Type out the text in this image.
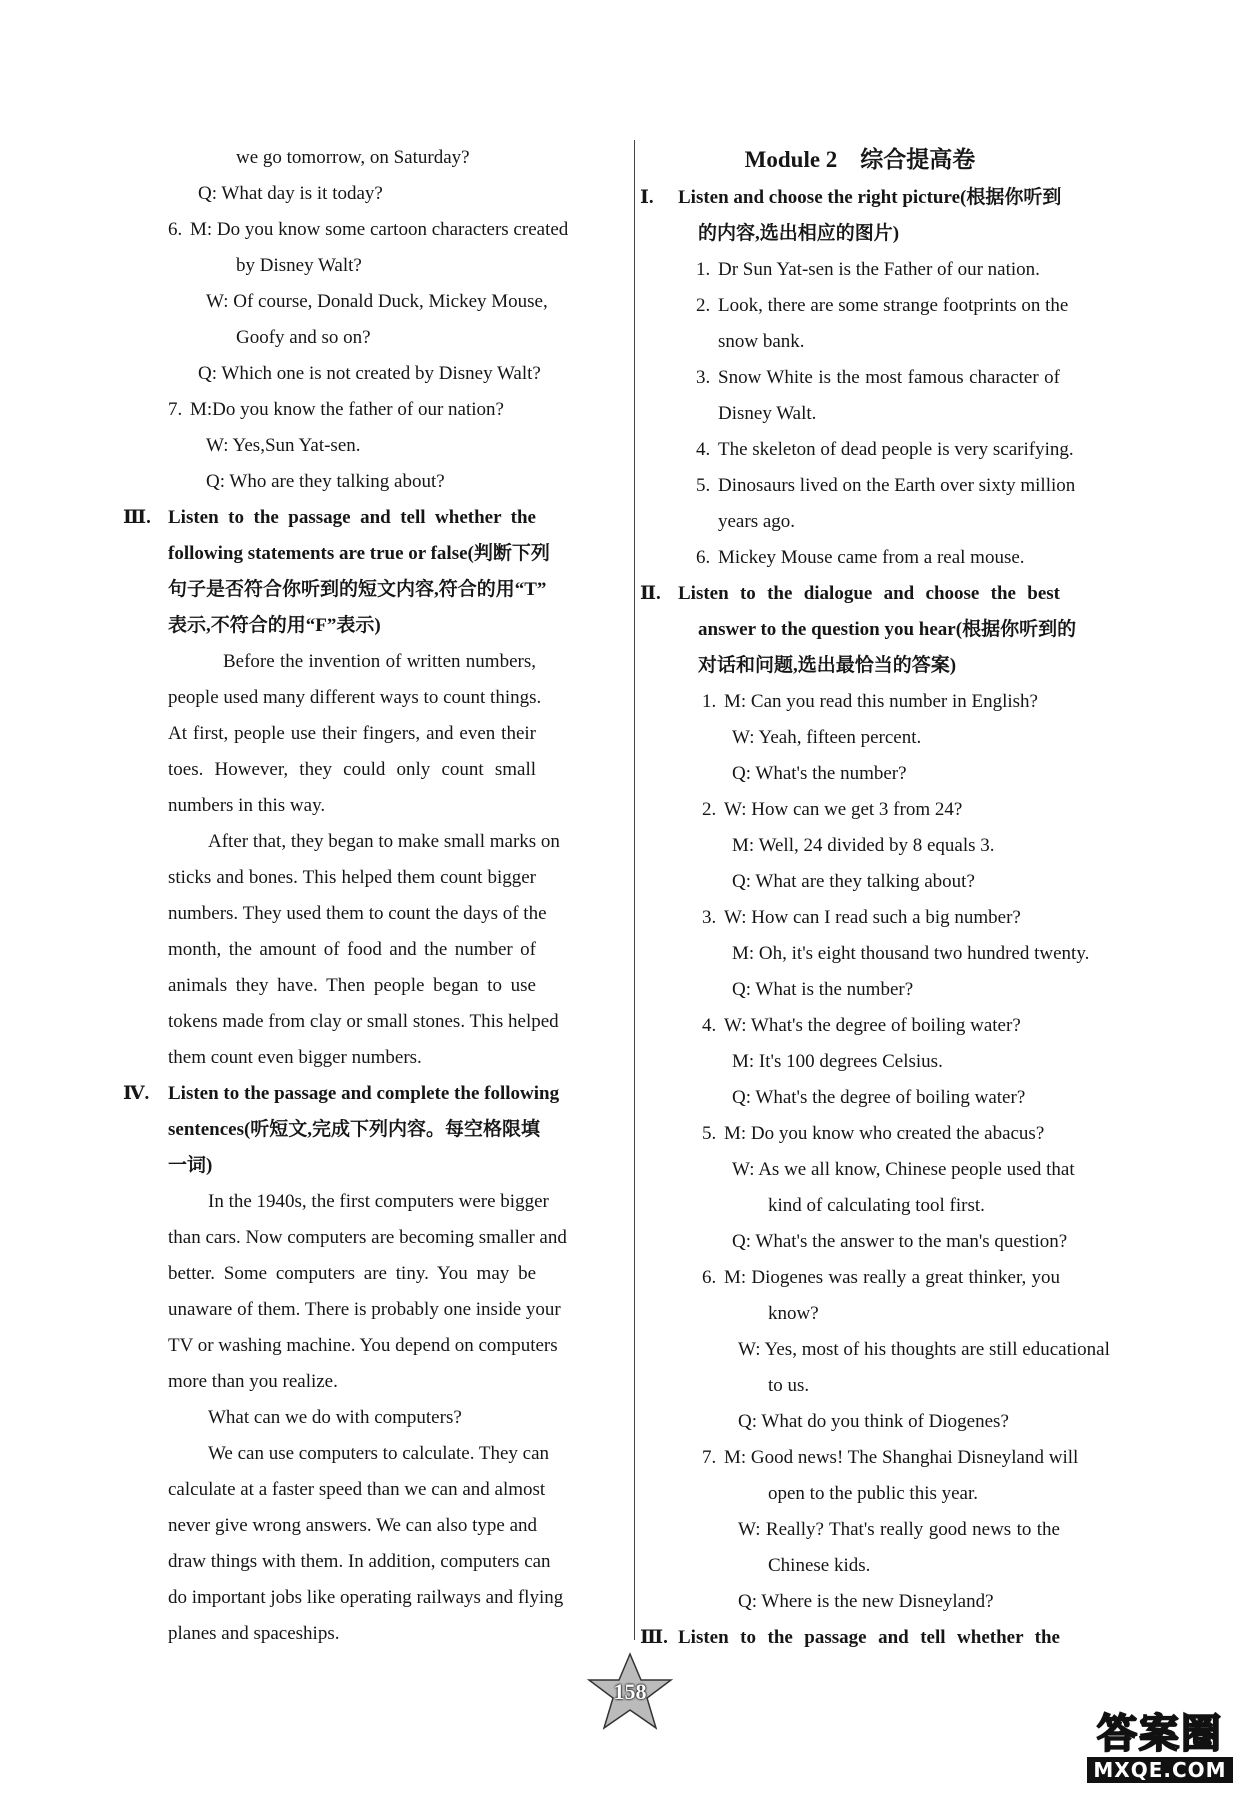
we go tomorrow, on Saturday?
Q: What day is it today?
6. M: Do you know some cartoon characters created
by Disney Walt?
W: Of course, Donald Duck, Mickey Mouse,
Goofy and so on?
Q: Which one is not created by Disney Walt?
7. M:Do you know the father of our nation?
W: Yes,Sun Yat-sen.
Q: Who are they talking about?
Ⅲ. Listen to the passage and tell whether the
following statements are true or false(判断下列
句子是否符合你听到的短文内容,符合的用“T”
表示,不符合的用“F”表示)
Before the invention of written numbers,
people used many different ways to count things.
At first, people use their fingers, and even their
toes. However, they could only count small
numbers in this way.
After that, they began to make small marks on
sticks and bones. This helped them count bigger
numbers. They used them to count the days of the
month, the amount of food and the number of
animals they have. Then people began to use
tokens made from clay or small stones. This helped
them count even bigger numbers.
Ⅳ. Listen to the passage and complete the following
sentences(听短文,完成下列内容。每空格限填
一词)
In the 1940s, the first computers were bigger
than cars. Now computers are becoming smaller and
better. Some computers are tiny. You may be
unaware of them. There is probably one inside your
TV or washing machine. You depend on computers
more than you realize.
What can we do with computers?
We can use computers to calculate. They can
calculate at a faster speed than we can and almost
never give wrong answers. We can also type and
draw things with them. In addition, computers can
do important jobs like operating railways and flying
planes and spaceships.
Module 2　综合提高卷
Ⅰ. Listen and choose the right picture(根据你听到
的内容,选出相应的图片)
1. Dr Sun Yat-sen is the Father of our nation.
2. Look, there are some strange footprints on the
snow bank.
3. Snow White is the most famous character of
Disney Walt.
4. The skeleton of dead people is very scarifying.
5. Dinosaurs lived on the Earth over sixty million
years ago.
6. Mickey Mouse came from a real mouse.
Ⅱ. Listen to the dialogue and choose the best
answer to the question you hear(根据你听到的
对话和问题,选出最恰当的答案)
1. M: Can you read this number in English?
W: Yeah, fifteen percent.
Q: What's the number?
2. W: How can we get 3 from 24?
M: Well, 24 divided by 8 equals 3.
Q: What are they talking about?
3. W: How can I read such a big number?
M: Oh, it's eight thousand two hundred twenty.
Q: What is the number?
4. W: What's the degree of boiling water?
M: It's 100 degrees Celsius.
Q: What's the degree of boiling water?
5. M: Do you know who created the abacus?
W: As we all know, Chinese people used that
kind of calculating tool first.
Q: What's the answer to the man's question?
6. M: Diogenes was really a great thinker, you
know?
W: Yes, most of his thoughts are still educational
to us.
Q: What do you think of Diogenes?
7. M: Good news! The Shanghai Disneyland will
open to the public this year.
W: Really? That's really good news to the
Chinese kids.
Q: Where is the new Disneyland?
Ⅲ. Listen to the passage and tell whether the
158
答案圈
MXQE.COM
